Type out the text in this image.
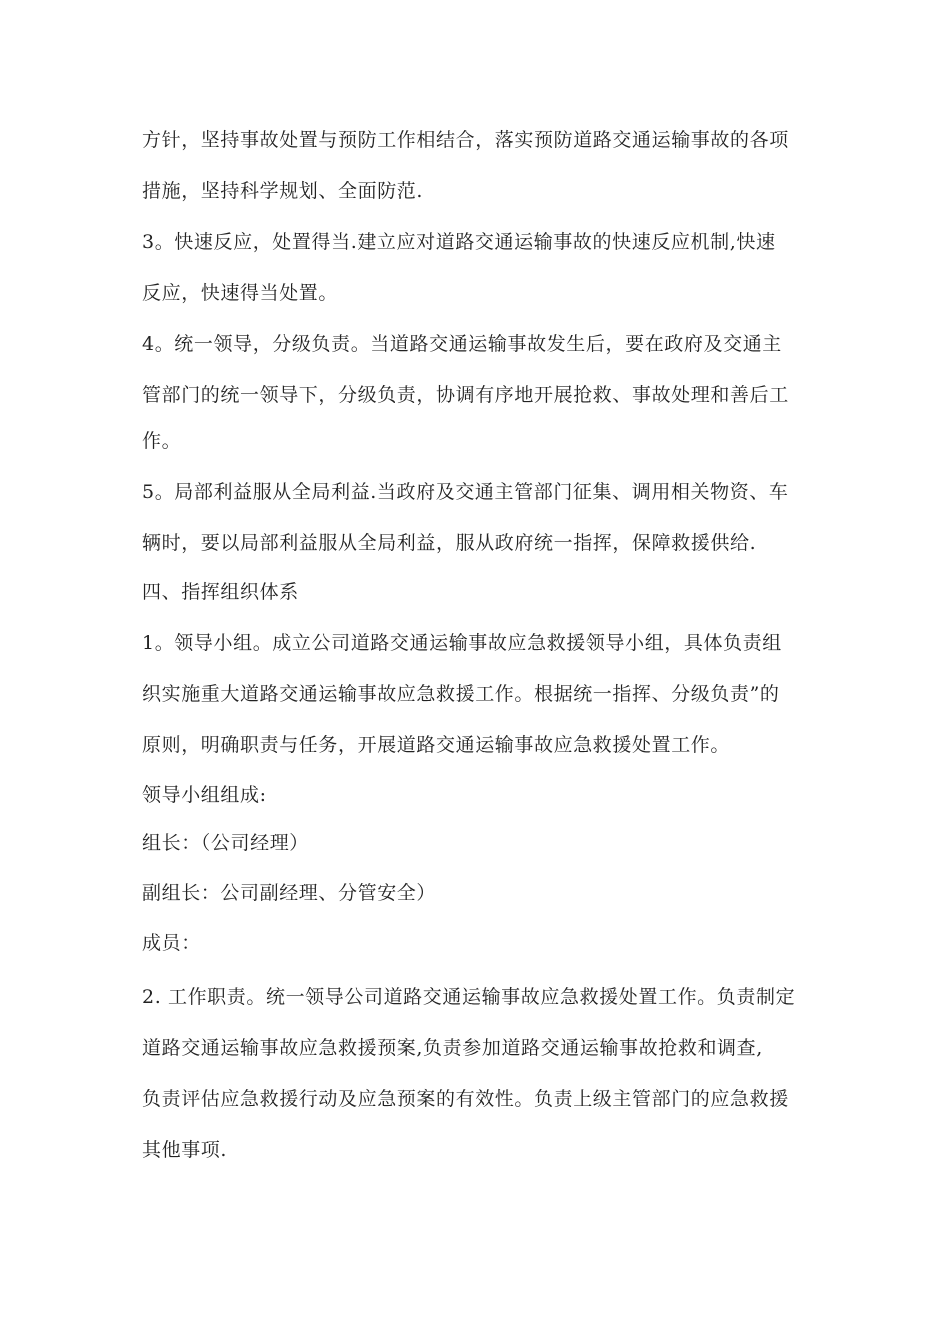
方针，坚持事故处置与预防工作相结合，落实预防道路交通运输事故的各项
措施，坚持科学规划、全面防范.
3。快速反应，处置得当.建立应对道路交通运输事故的快速反应机制,快速
反应，快速得当处置。
4。统一领导，分级负责。当道路交通运输事故发生后，要在政府及交通主
管部门的统一领导下，分级负责，协调有序地开展抢救、事故处理和善后工
作。
5。局部利益服从全局利益.当政府及交通主管部门征集、调用相关物资、车
辆时，要以局部利益服从全局利益，服从政府统一指挥，保障救援供给.
四、指挥组织体系
1。领导小组。成立公司道路交通运输事故应急救援领导小组，具体负责组
织实施重大道路交通运输事故应急救援工作。根据统一指挥、分级负责”的
原则，明确职责与任务，开展道路交通运输事故应急救援处置工作。
领导小组组成:
组长：（公司经理）
副组长：公司副经理、分管安全）
成员：
2. 工作职责。统一领导公司道路交通运输事故应急救援处置工作。负责制定
道路交通运输事故应急救援预案,负责参加道路交通运输事故抢救和调查,
负责评估应急救援行动及应急预案的有效性。负责上级主管部门的应急救援
其他事项.
